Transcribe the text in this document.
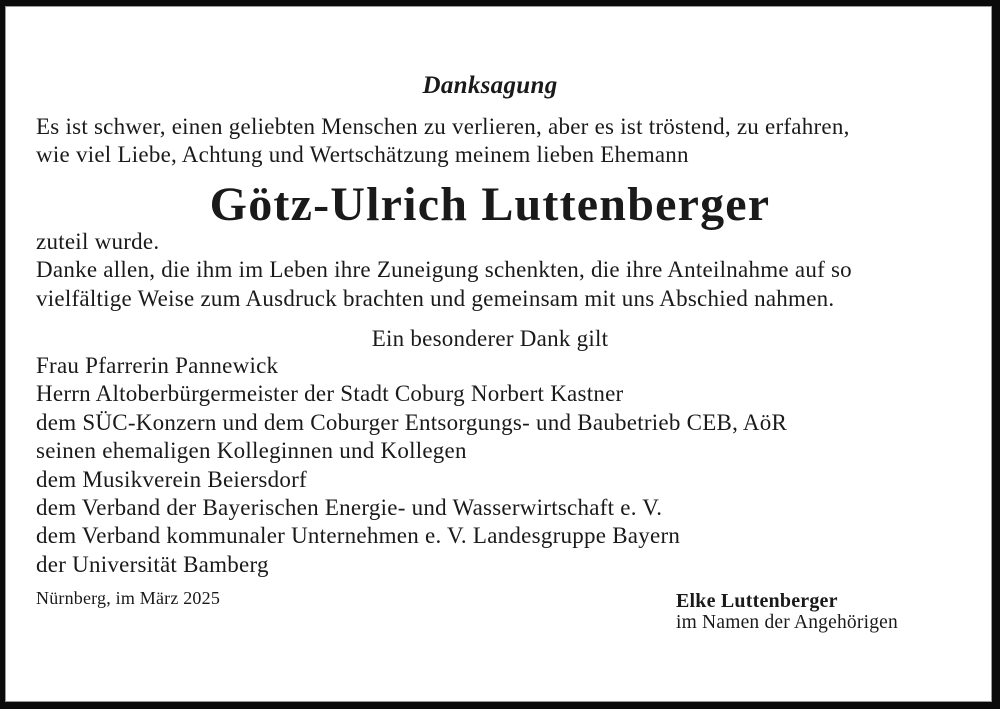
Danksagung
Es ist schwer, einen geliebten Menschen zu verlieren, aber es ist tröstend, zu erfahren,
wie viel Liebe, Achtung und Wertschätzung meinem lieben Ehemann
Götz-Ulrich Luttenberger
zuteil wurde.
Danke allen, die ihm im Leben ihre Zuneigung schenkten, die ihre Anteilnahme auf so
vielfältige Weise zum Ausdruck brachten und gemeinsam mit uns Abschied nahmen.
Ein besonderer Dank gilt
Frau Pfarrerin Pannewick
Herrn Altoberbürgermeister der Stadt Coburg Norbert Kastner
dem SÜC-Konzern und dem Coburger Entsorgungs- und Baubetrieb CEB, AöR
seinen ehemaligen Kolleginnen und Kollegen
dem Musikverein Beiersdorf
dem Verband der Bayerischen Energie- und Wasserwirtschaft e. V.
dem Verband kommunaler Unternehmen e. V. Landesgruppe Bayern
der Universität Bamberg
Nürnberg, im März 2025	Elke Luttenberger
im Namen der Angehörigen
